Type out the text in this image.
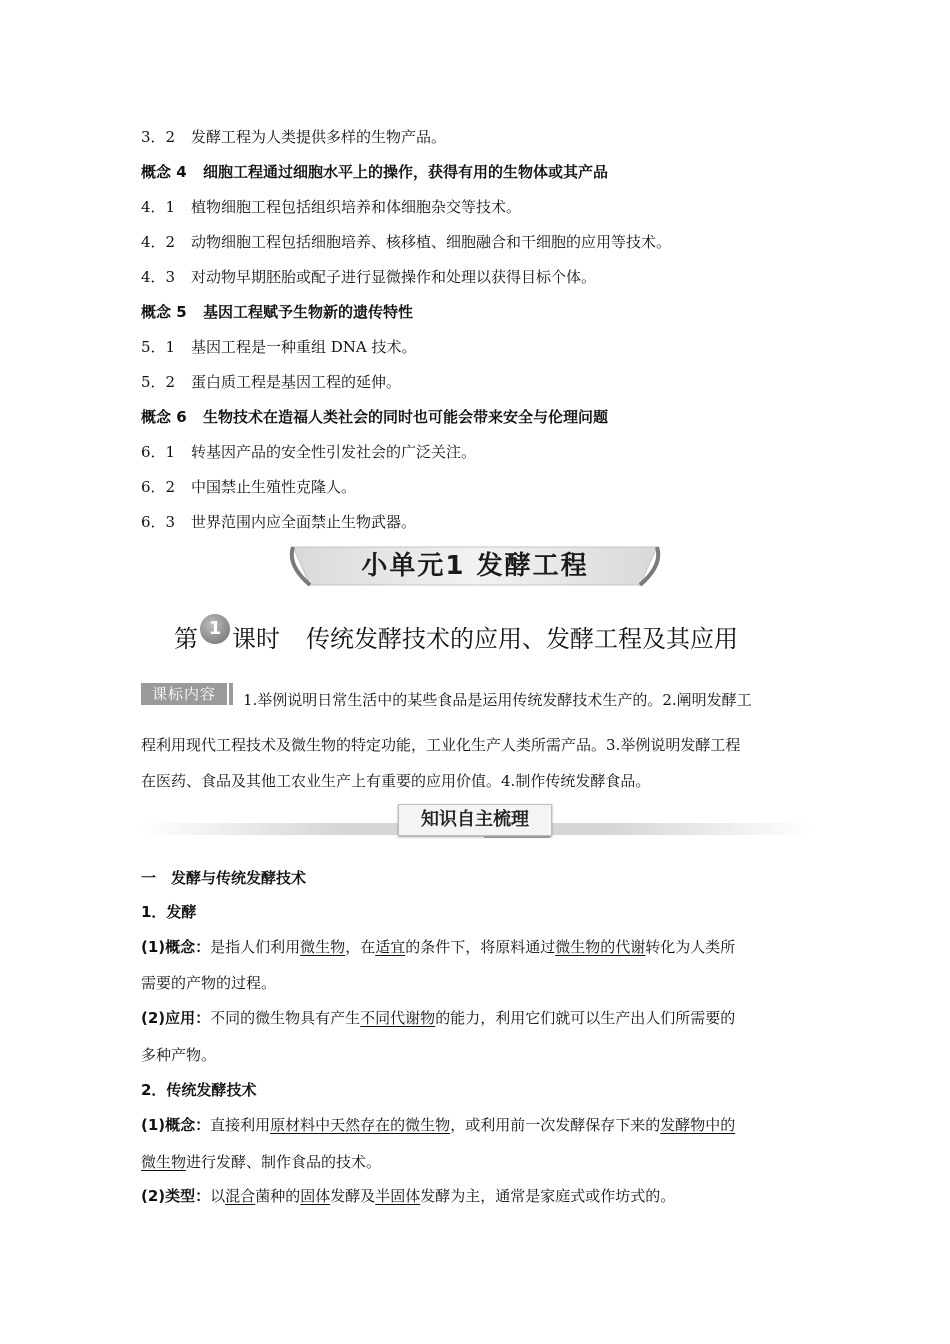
3．2 发酵工程为人类提供多样的生物产品。
概念 4 细胞工程通过细胞水平上的操作，获得有用的生物体或其产品
4．1 植物细胞工程包括组织培养和体细胞杂交等技术。
4．2 动物细胞工程包括细胞培养、核移植、细胞融合和干细胞的应用等技术。
4．3 对动物早期胚胎或配子进行显微操作和处理以获得目标个体。
概念 5 基因工程赋予生物新的遗传特性
5．1 基因工程是一种重组 DNA 技术。
5．2 蛋白质工程是基因工程的延伸。
概念 6 生物技术在造福人类社会的同时也可能会带来安全与伦理问题
6．1 转基因产品的安全性引发社会的广泛关注。
6．2 中国禁止生殖性克隆人。
6．3 世界范围内应全面禁止生物武器。
小单元1 发酵工程
第 1 课时 传统发酵技术的应用、发酵工程及其应用
课标内容	1.举例说明日常生活中的某些食品是运用传统发酵技术生产的。2.阐明发酵工
程利用现代工程技术及微生物的特定功能，工业化生产人类所需产品。3.举例说明发酵工程
在医药、食品及其他工农业生产上有重要的应用价值。4.制作传统发酵食品。
知识自主梳理
一　发酵与传统发酵技术
1．发酵
(1)概念：是指人们利用微生物，在适宜的条件下，将原料通过微生物的代谢转化为人类所
需要的产物的过程。
(2)应用：不同的微生物具有产生不同代谢物的能力，利用它们就可以生产出人们所需要的
多种产物。
2．传统发酵技术
(1)概念：直接利用原材料中天然存在的微生物，或利用前一次发酵保存下来的发酵物中的
微生物进行发酵、制作食品的技术。
(2)类型：以混合菌种的固体发酵及半固体发酵为主，通常是家庭式或作坊式的。
